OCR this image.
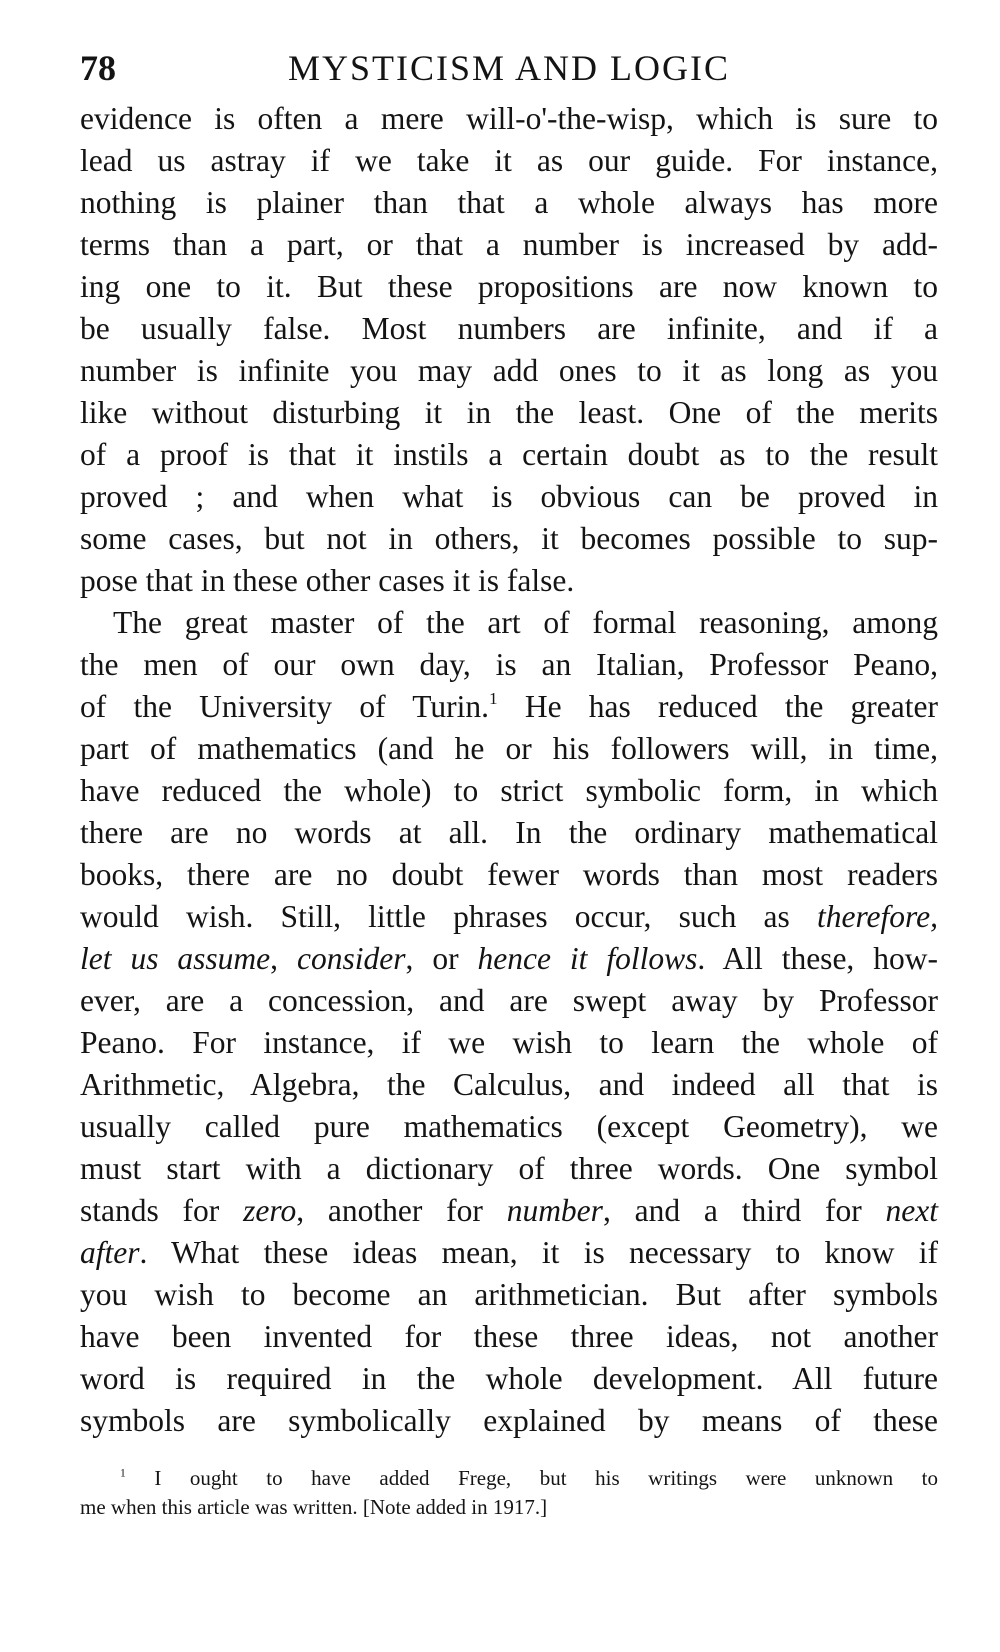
78	MYSTICISM AND LOGIC
evidence is often a mere will-o'-the-wisp, which is sure to
lead us astray if we take it as our guide. For instance,
nothing is plainer than that a whole always has more
terms than a part, or that a number is increased by add-
ing one to it. But these propositions are now known to
be usually false. Most numbers are infinite, and if a
number is infinite you may add ones to it as long as you
like without disturbing it in the least. One of the merits
of a proof is that it instils a certain doubt as to the result
proved ; and when what is obvious can be proved in
some cases, but not in others, it becomes possible to sup-
pose that in these other cases it is false.
The great master of the art of formal reasoning, among
the men of our own day, is an Italian, Professor Peano,
of the University of Turin.$^1$ He has reduced the greater
part of mathematics (and he or his followers will, in time,
have reduced the whole) to strict symbolic form, in which
there are no words at all. In the ordinary mathematical
books, there are no doubt fewer words than most readers
would wish. Still, little phrases occur, such as therefore,
let us assume, consider, or hence it follows. All these, how-
ever, are a concession, and are swept away by Professor
Peano. For instance, if we wish to learn the whole of
Arithmetic, Algebra, the Calculus, and indeed all that is
usually called pure mathematics (except Geometry), we
must start with a dictionary of three words. One symbol
stands for zero, another for number, and a third for next
after. What these ideas mean, it is necessary to know if
you wish to become an arithmetician. But after symbols
have been invented for these three ideas, not another
word is required in the whole development. All future
symbols are symbolically explained by means of these
$^1$ I ought to have added Frege, but his writings were unknown to
me when this article was written. [Note added in 1917.]
